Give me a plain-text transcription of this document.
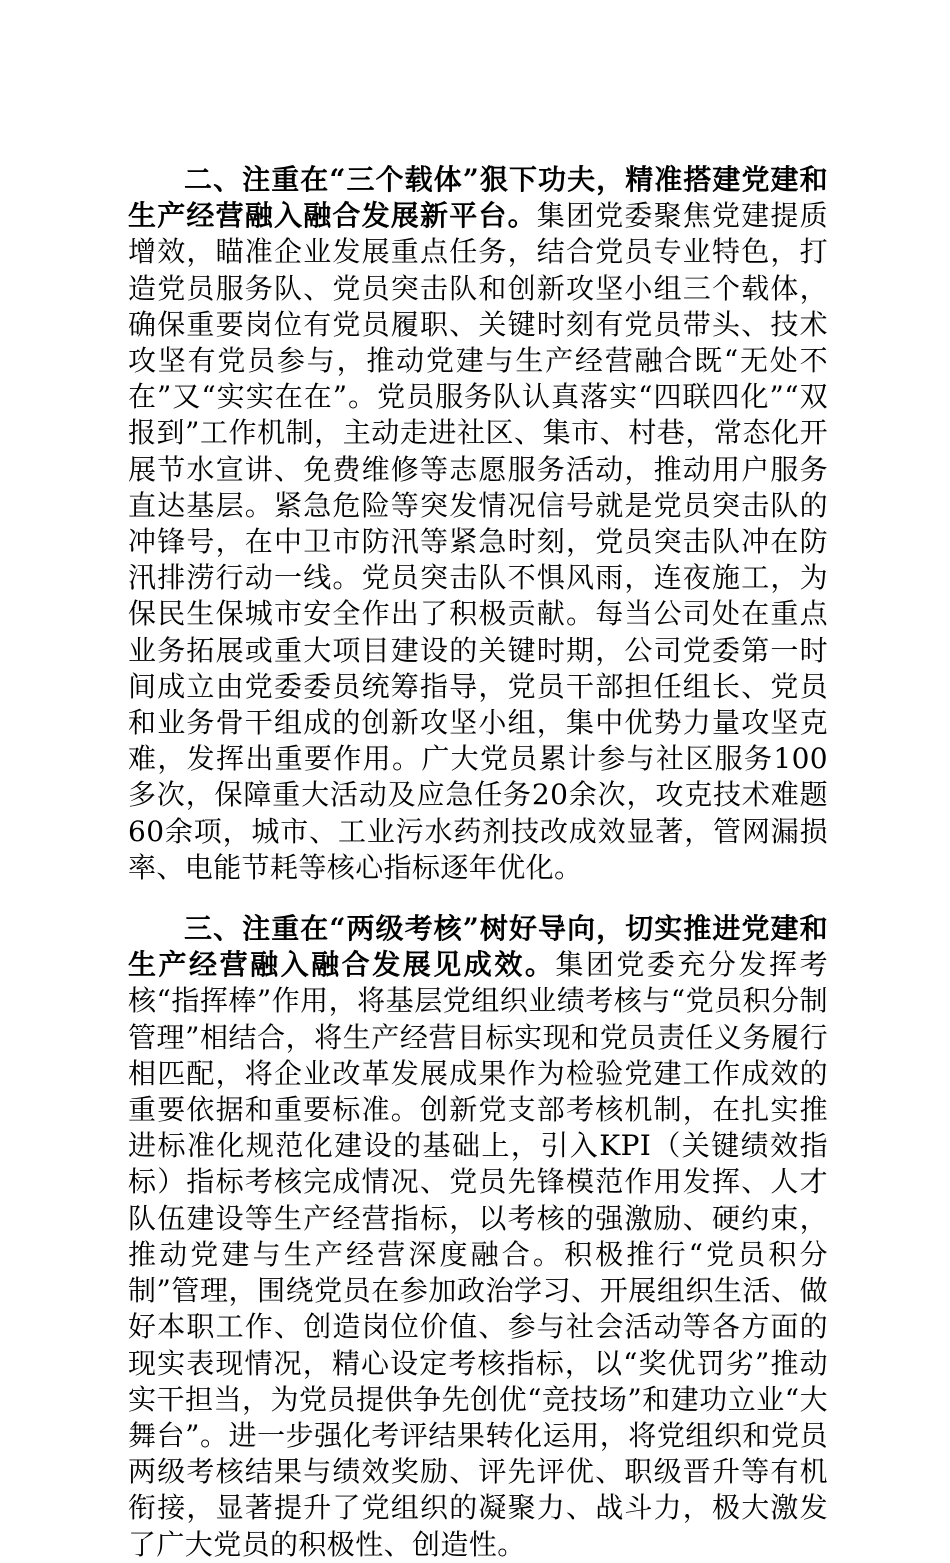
二、注重在“三个载体”狠下功夫，精准搭建党建和生产经营融入融合发展新平台。集团党委聚焦党建提质增效，瞄准企业发展重点任务，结合党员专业特色，打造党员服务队、党员突击队和创新攻坚小组三个载体，确保重要岗位有党员履职、关键时刻有党员带头、技术攻坚有党员参与，推动党建与生产经营融合既“无处不在”又“实实在在”。党员服务队认真落实“四联四化”“双报到”工作机制，主动走进社区、集市、村巷，常态化开展节水宣讲、免费维修等志愿服务活动，推动用户服务直达基层。紧急危险等突发情况信号就是党员突击队的冲锋号，在中卫市防汛等紧急时刻，党员突击队冲在防汛排涝行动一线。党员突击队不惧风雨，连夜施工，为保民生保城市安全作出了积极贡献。每当公司处在重点业务拓展或重大项目建设的关键时期，公司党委第一时间成立由党委委员统筹指导，党员干部担任组长、党员和业务骨干组成的创新攻坚小组，集中优势力量攻坚克难，发挥出重要作用。广大党员累计参与社区服务100多次，保障重大活动及应急任务20余次，攻克技术难题60余项，城市、工业污水药剂技改成效显著，管网漏损率、电能节耗等核心指标逐年优化。

三、注重在“两级考核”树好导向，切实推进党建和生产经营融入融合发展见成效。集团党委充分发挥考核“指挥棒”作用，将基层党组织业绩考核与“党员积分制管理”相结合，将生产经营目标实现和党员责任义务履行相匹配，将企业改革发展成果作为检验党建工作成效的重要依据和重要标准。创新党支部考核机制，在扎实推进标准化规范化建设的基础上，引入KPI（关键绩效指标）指标考核完成情况、党员先锋模范作用发挥、人才队伍建设等生产经营指标，以考核的强激励、硬约束，推动党建与生产经营深度融合。积极推行“党员积分制”管理，围绕党员在参加政治学习、开展组织生活、做好本职工作、创造岗位价值、参与社会活动等各方面的现实表现情况，精心设定考核指标，以“奖优罚劣”推动实干担当，为党员提供争先创优“竞技场”和建功立业“大舞台”。进一步强化考评结果转化运用，将党组织和党员两级考核结果与绩效奖励、评先评优、职级晋升等有机衔接，显著提升了党组织的凝聚力、战斗力，极大激发了广大党员的积极性、创造性。
